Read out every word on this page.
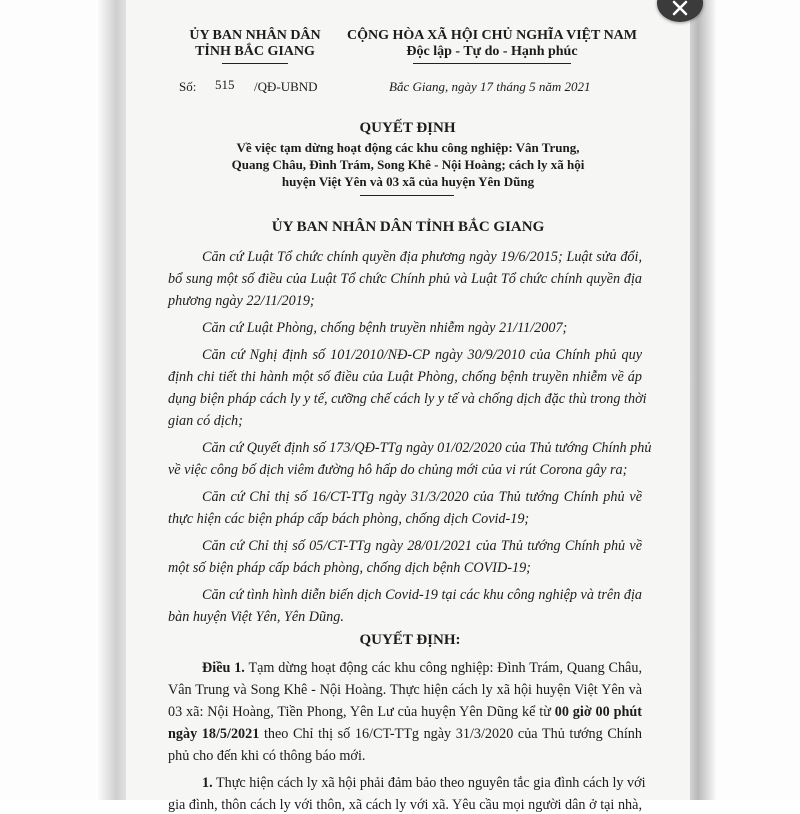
ỦY BAN NHÂN DÂN
TỈNH BẮC GIANG
CỘNG HÒA XÃ HỘI CHỦ NGHĨA VIỆT NAM
Độc lập - Tự do - Hạnh phúc
Số: 515 /QĐ-UBND	Bắc Giang, ngày 17 tháng 5 năm 2021
QUYẾT ĐỊNH
Về việc tạm dừng hoạt động các khu công nghiệp: Vân Trung,
Quang Châu, Đình Trám, Song Khê - Nội Hoàng; cách ly xã hội
huyện Việt Yên và 03 xã của huyện Yên Dũng
ỦY BAN NHÂN DÂN TỈNH BẮC GIANG
Căn cứ Luật Tổ chức chính quyền địa phương ngày 19/6/2015; Luật sửa đổi,
bổ sung một số điều của Luật Tổ chức Chính phủ và Luật Tổ chức chính quyền địa
phương ngày 22/11/2019;
Căn cứ Luật Phòng, chống bệnh truyền nhiễm ngày 21/11/2007;
Căn cứ Nghị định số 101/2010/NĐ-CP ngày 30/9/2010 của Chính phủ quy
định chi tiết thi hành một số điều của Luật Phòng, chống bệnh truyền nhiễm về áp
dụng biện pháp cách ly y tế, cưỡng chế cách ly y tế và chống dịch đặc thù trong thời
gian có dịch;
Căn cứ Quyết định số 173/QĐ-TTg ngày 01/02/2020 của Thủ tướng Chính phủ
về việc công bố dịch viêm đường hô hấp do chủng mới của vi rút Corona gây ra;
Căn cứ Chỉ thị số 16/CT-TTg ngày 31/3/2020 của Thủ tướng Chính phủ về
thực hiện các biện pháp cấp bách phòng, chống dịch Covid-19;
Căn cứ Chỉ thị số 05/CT-TTg ngày 28/01/2021 của Thủ tướng Chính phủ về
một số biện pháp cấp bách phòng, chống dịch bệnh COVID-19;
Căn cứ tình hình diễn biến dịch Covid-19 tại các khu công nghiệp và trên địa
bàn huyện Việt Yên, Yên Dũng.
QUYẾT ĐỊNH:
Điều 1. Tạm dừng hoạt động các khu công nghiệp: Đình Trám, Quang Châu,
Vân Trung và Song Khê - Nội Hoàng. Thực hiện cách ly xã hội huyện Việt Yên và
03 xã: Nội Hoàng, Tiền Phong, Yên Lư của huyện Yên Dũng kể từ 00 giờ 00 phút
ngày 18/5/2021 theo Chỉ thị số 16/CT-TTg ngày 31/3/2020 của Thủ tướng Chính
phủ cho đến khi có thông báo mới.
1. Thực hiện cách ly xã hội phải đảm bảo theo nguyên tắc gia đình cách ly với
gia đình, thôn cách ly với thôn, xã cách ly với xã. Yêu cầu mọi người dân ở tại nhà,
